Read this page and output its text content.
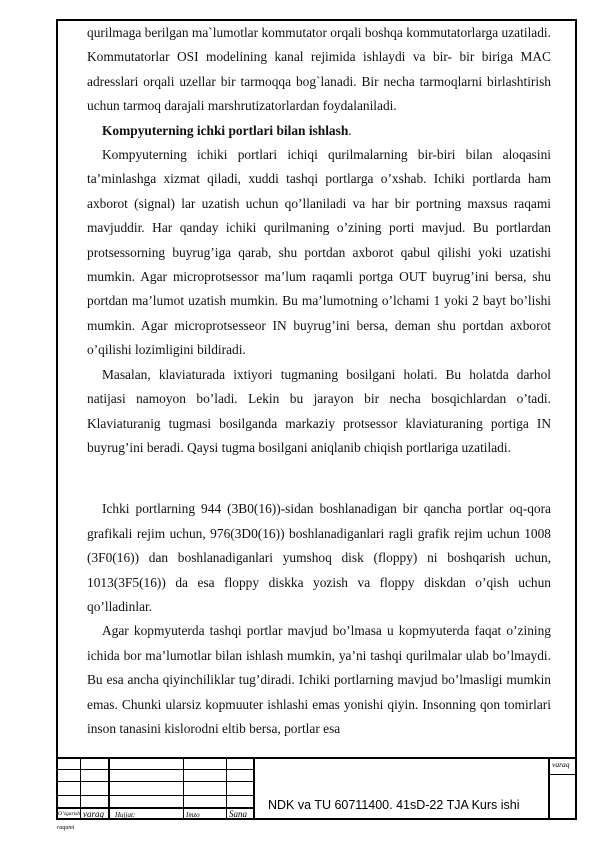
qurilmaga berilgan ma`lumotlar kommutator orqali boshqa kommutatorlarga uzatiladi. Kommutatorlar OSI modelining kanal rejimida ishlaydi va bir- bir biriga MAC adresslari orqali uzellar bir tarmoqqa bog`lanadi. Bir necha tarmoqlarni birlashtirish uchun tarmoq darajali marshrutizatorlardan foydalaniladi.

Kompyuterning ichki portlari bilan ishlash.

Kompyuterning ichiki portlari ichiqi qurilmalarning bir-biri bilan aloqasini ta’minlashga xizmat qiladi, xuddi tashqi portlarga o’xshab. Ichiki portlarda ham axborot (signal) lar uzatish uchun qo’llaniladi va har bir portning maxsus raqami mavjuddir. Har qanday ichiki qurilmaning o’zining porti mavjud. Bu portlardan protsessorning buyrug’iga qarab, shu portdan axborot qabul qilishi yoki uzatishi mumkin. Agar microprotsessor ma’lum raqamli portga OUT buyrug’ini bersa, shu portdan ma’lumot uzatish mumkin. Bu ma’lumotning o’lchami 1 yoki 2 bayt bo’lishi mumkin. Agar microprotsesseor IN buyrug’ini bersa, deman shu portdan axborot o’qilishi lozimligini bildiradi.

Masalan, klaviaturada ixtiyori tugmaning bosilgani holati. Bu holatda darhol natijasi namoyon bo’ladi. Lekin bu jarayon bir necha bosqichlardan o’tadi. Klaviaturanig tugmasi bosilganda markaziy protsessor klaviaturaning portiga IN buyrug’ini beradi. Qaysi tugma bosilgani aniqlanib chiqish portlariga uzatiladi.

Ichki portlarning 944 (3B0(16))-sidan boshlanadigan bir qancha portlar oq-qora grafikali rejim uchun, 976(3D0(16)) boshlanadiganlari ragli grafik rejim uchun 1008 (3F0(16)) dan boshlanadiganlari yumshoq disk (floppy) ni boshqarish uchun, 1013(3F5(16)) da esa floppy diskka yozish va floppy diskdan o’qish uchun qo’lladinlar.

Agar kopmyuterda tashqi portlar mavjud bo’lmasa u kopmyuterda faqat o’zining ichida bor ma’lumotlar bilan ishlash mumkin, ya’ni tashqi qurilmalar ulab bo’lmaydi. Bu esa ancha qiyinchiliklar tug’diradi. Ichiki portlarning mavjud bo’lmasligi mumkin emas. Chunki ularsiz kopmuuter ishlashi emas yonishi qiyin. Insonning qon tomirlari inson tanasini kislorodni eltib bersa, portlar esa

O’zgarish
raqami
varaq Hujjat:	Imzo	Sana
varaq
NDK va TU 60711400. 41sD-22 TJA Kurs ishi
